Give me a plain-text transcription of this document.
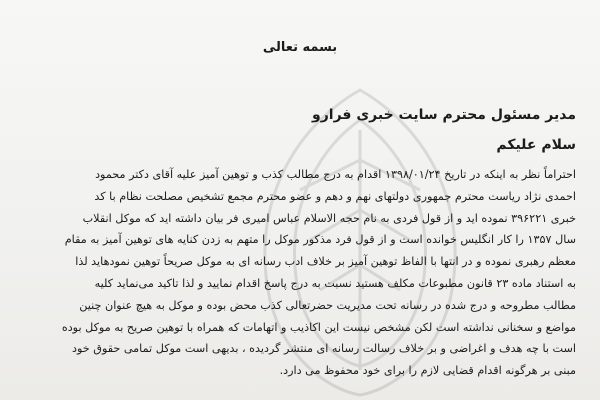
بسمه تعالی
مدیر مسئول محترم سایت خبری فرارو
سلام علیکم
احتراماً نظر به اینکه در تاریخ ۱۳۹۸/۰۱/۲۴ اقدام به درج مطالب کذب و توهین آمیز علیه آقای دکتر محمود
احمدی نژاد ریاست محترم جمهوری دولتهای نهم و دهم و عضو محترم مجمع تشخیص مصلحت نظام با کد
خبری ۳۹۶۲۲۱ نموده اید و از قول فردی به نام حجه الاسلام عباس امیری فر بیان داشته اید که موکل انقلاب
سال ۱۳۵۷ را کار انگلیس خوانده است و از قول فرد مذکور موکل را متهم به زدن کنایه های توهین آمیز به مقام
معظم رهبری نموده و در انتها با الفاظ توهین آمیز بر خلاف ادب رسانه ای به موکل صریحاً توهین نمودهاید لذا
به استناد ماده ۲۳ قانون مطبوعات مکلف هستید نسبت به درج پاسخ اقدام نمایید و لذا تاکید می‌نماید کلیه
مطالب مطروحه و درج شده در رسانه تحت مدیریت حضرتعالی کذب محض بوده و موکل به هیچ عنوان چنین
مواضع و سخنانی نداشته است لکن مشخص نیست این اکاذیب و اتهامات که همراه با توهین صریح به موکل بوده
است با چه هدف و اغراضی و بر خلاف رسالت رسانه ای منتشر گردیده ، بدیهی است موکل تمامی حقوق خود
مبنی بر هرگونه اقدام قضایی لازم را برای خود محفوظ می دارد.
